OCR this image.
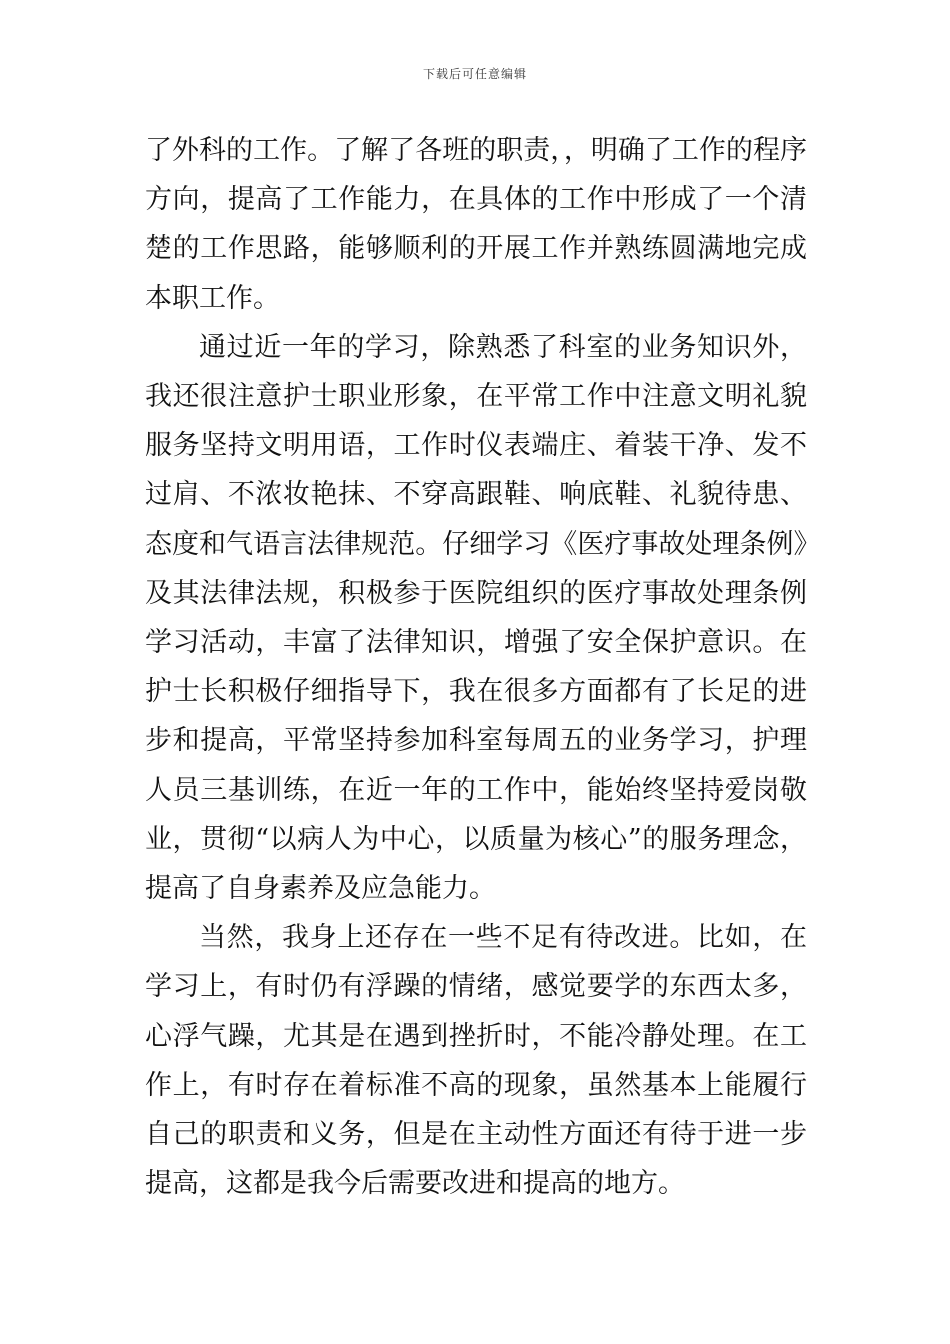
下载后可任意编辑

了外科的工作。了解了各班的职责，，明确了工作的程序方向，提高了工作能力，在具体的工作中形成了一个清楚的工作思路，能够顺利的开展工作并熟练圆满地完成本职工作。

通过近一年的学习，除熟悉了科室的业务知识外，我还很注意护士职业形象，在平常工作中注意文明礼貌服务坚持文明用语，工作时仪表端庄、着装干净、发不过肩、不浓妆艳抹、不穿高跟鞋、响底鞋、礼貌待患、态度和气语言法律规范。仔细学习《医疗事故处理条例》及其法律法规，积极参于医院组织的医疗事故处理条例学习活动，丰富了法律知识，增强了安全保护意识。在护士长积极仔细指导下，我在很多方面都有了长足的进步和提高，平常坚持参加科室每周五的业务学习，护理人员三基训练，在近一年的工作中，能始终坚持爱岗敬业，贯彻“以病人为中心，以质量为核心”的服务理念，提高了自身素养及应急能力。

当然，我身上还存在一些不足有待改进。比如，在学习上，有时仍有浮躁的情绪，感觉要学的东西太多，心浮气躁，尤其是在遇到挫折时，不能冷静处理。在工作上，有时存在着标准不高的现象，虽然基本上能履行自己的职责和义务，但是在主动性方面还有待于进一步提高，这都是我今后需要改进和提高的地方。
